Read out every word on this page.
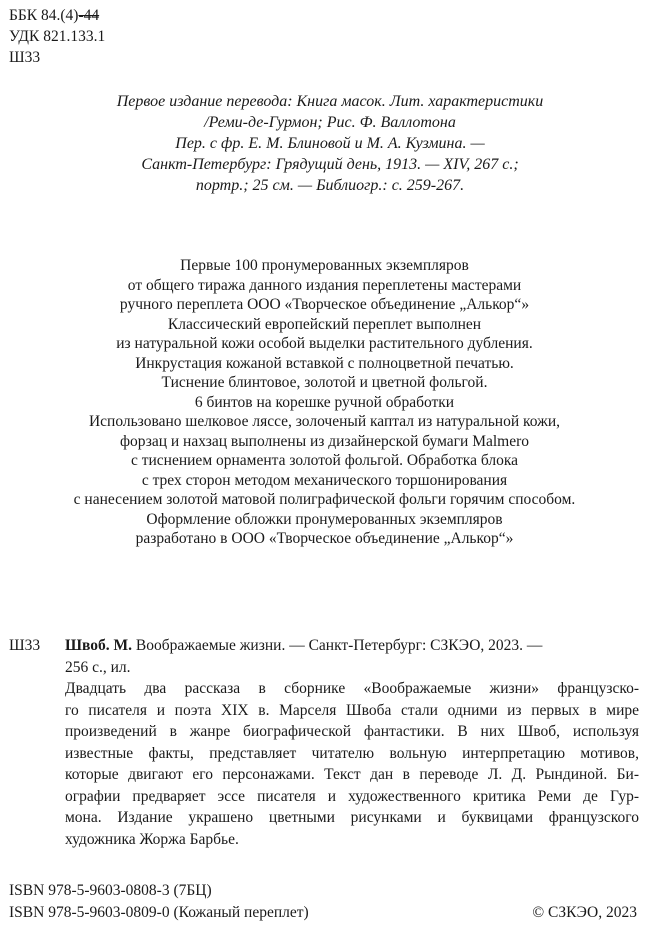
ББК 84.(4)-44
УДК 821.133.1
Ш33
Первое издание перевода: Книга масок. Лит. характеристики
/Реми-де-Гурмон; Рис. Ф. Валлотона
Пер. с фр. Е. М. Блиновой и М. А. Кузмина. —
Санкт-Петербург: Грядущий день, 1913. — XIV, 267 с.;
портр.; 25 см. — Библиогр.: с. 259-267.
Первые 100 пронумерованных экземпляров
от общего тиража данного издания переплетены мастерами
ручного переплета ООО «Творческое объединение „Алькор“»
Классический европейский переплет выполнен
из натуральной кожи особой выделки растительного дубления.
Инкрустация кожаной вставкой с полноцветной печатью.
Тиснение блинтовое, золотой и цветной фольгой.
6 бинтов на корешке ручной обработки
Использовано шелковое ляссе, золоченый каптал из натуральной кожи,
форзац и нахзац выполнены из дизайнерской бумаги Malmero
с тиснением орнамента золотой фольгой. Обработка блока
с трех сторон методом механического торшонирования
с нанесением золотой матовой полиграфической фольги горячим способом.
Оформление обложки пронумерованных экземпляров
разработано в ООО «Творческое объединение „Алькор“»
Ш33 Швоб. М. Воображаемые жизни. — Санкт-Петербург: СЗКЭО, 2023. —
256 с., ил.
Двадцать два рассказа в сборнике «Воображаемые жизни» французско-
го писателя и поэта XIX в. Марселя Швоба стали одними из первых в мире
произведений в жанре биографической фантастики. В них Швоб, используя
известные факты, представляет читателю вольную интерпретацию мотивов,
которые двигают его персонажами. Текст дан в переводе Л. Д. Рындиной. Би-
ографии предваряет эссе писателя и художественного критика Реми де Гур-
мона. Издание украшено цветными рисунками и буквицами французского
художника Жоржа Барбье.
ISBN 978-5-9603-0808-3 (7БЦ)
ISBN 978-5-9603-0809-0 (Кожаный переплет)	© СЗКЭО, 2023
